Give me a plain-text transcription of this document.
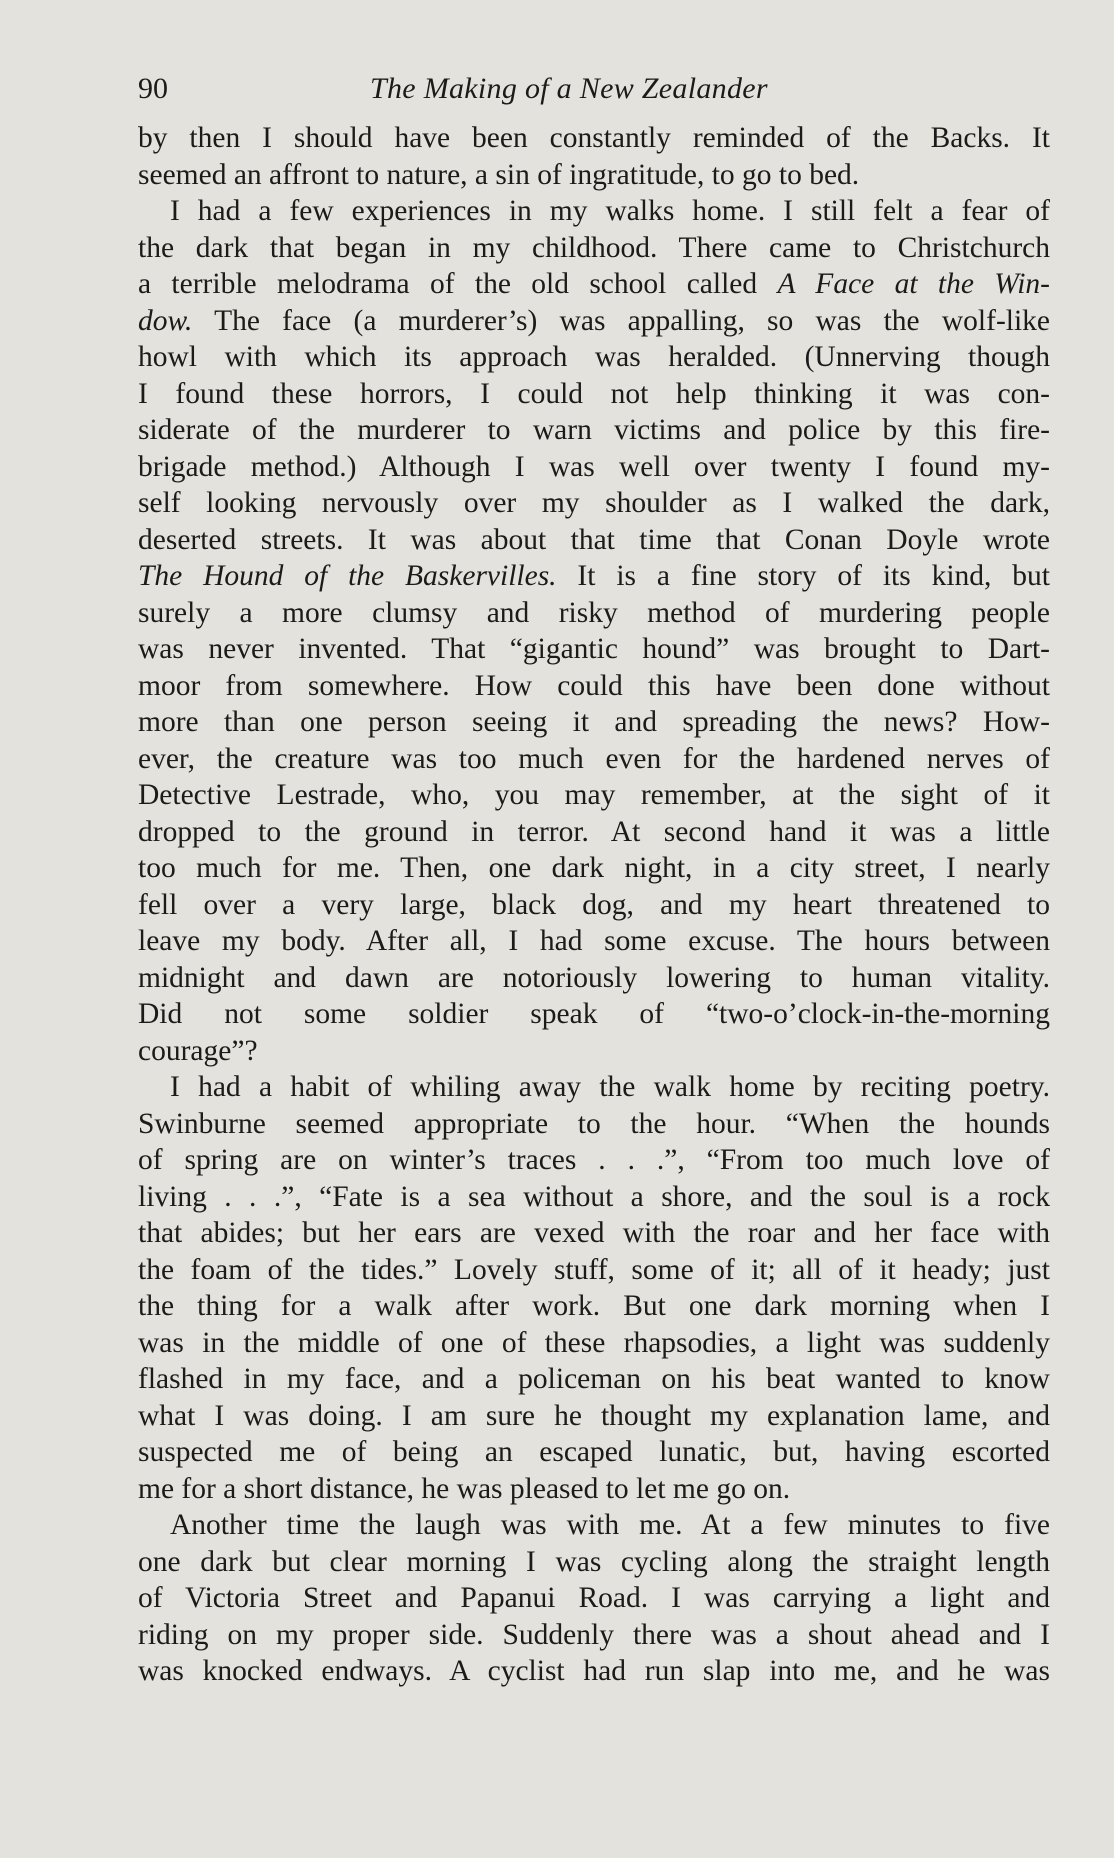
90	The Making of a New Zealander
by then I should have been constantly reminded of the Backs. It
seemed an affront to nature, a sin of ingratitude, to go to bed.
I had a few experiences in my walks home. I still felt a fear of
the dark that began in my childhood. There came to Christchurch
a terrible melodrama of the old school called A Face at the Win-
dow. The face (a murderer’s) was appalling, so was the wolf-like
howl with which its approach was heralded. (Unnerving though
I found these horrors, I could not help thinking it was con-
siderate of the murderer to warn victims and police by this fire-
brigade method.) Although I was well over twenty I found my-
self looking nervously over my shoulder as I walked the dark,
deserted streets. It was about that time that Conan Doyle wrote
The Hound of the Baskervilles. It is a fine story of its kind, but
surely a more clumsy and risky method of murdering people
was never invented. That “gigantic hound” was brought to Dart-
moor from somewhere. How could this have been done without
more than one person seeing it and spreading the news? How-
ever, the creature was too much even for the hardened nerves of
Detective Lestrade, who, you may remember, at the sight of it
dropped to the ground in terror. At second hand it was a little
too much for me. Then, one dark night, in a city street, I nearly
fell over a very large, black dog, and my heart threatened to
leave my body. After all, I had some excuse. The hours between
midnight and dawn are notoriously lowering to human vitality.
Did not some soldier speak of “two-o’clock-in-the-morning
courage”?
I had a habit of whiling away the walk home by reciting poetry.
Swinburne seemed appropriate to the hour. “When the hounds
of spring are on winter’s traces . . .”, “From too much love of
living . . .”, “Fate is a sea without a shore, and the soul is a rock
that abides; but her ears are vexed with the roar and her face with
the foam of the tides.” Lovely stuff, some of it; all of it heady; just
the thing for a walk after work. But one dark morning when I
was in the middle of one of these rhapsodies, a light was suddenly
flashed in my face, and a policeman on his beat wanted to know
what I was doing. I am sure he thought my explanation lame, and
suspected me of being an escaped lunatic, but, having escorted
me for a short distance, he was pleased to let me go on.
Another time the laugh was with me. At a few minutes to five
one dark but clear morning I was cycling along the straight length
of Victoria Street and Papanui Road. I was carrying a light and
riding on my proper side. Suddenly there was a shout ahead and I
was knocked endways. A cyclist had run slap into me, and he was
